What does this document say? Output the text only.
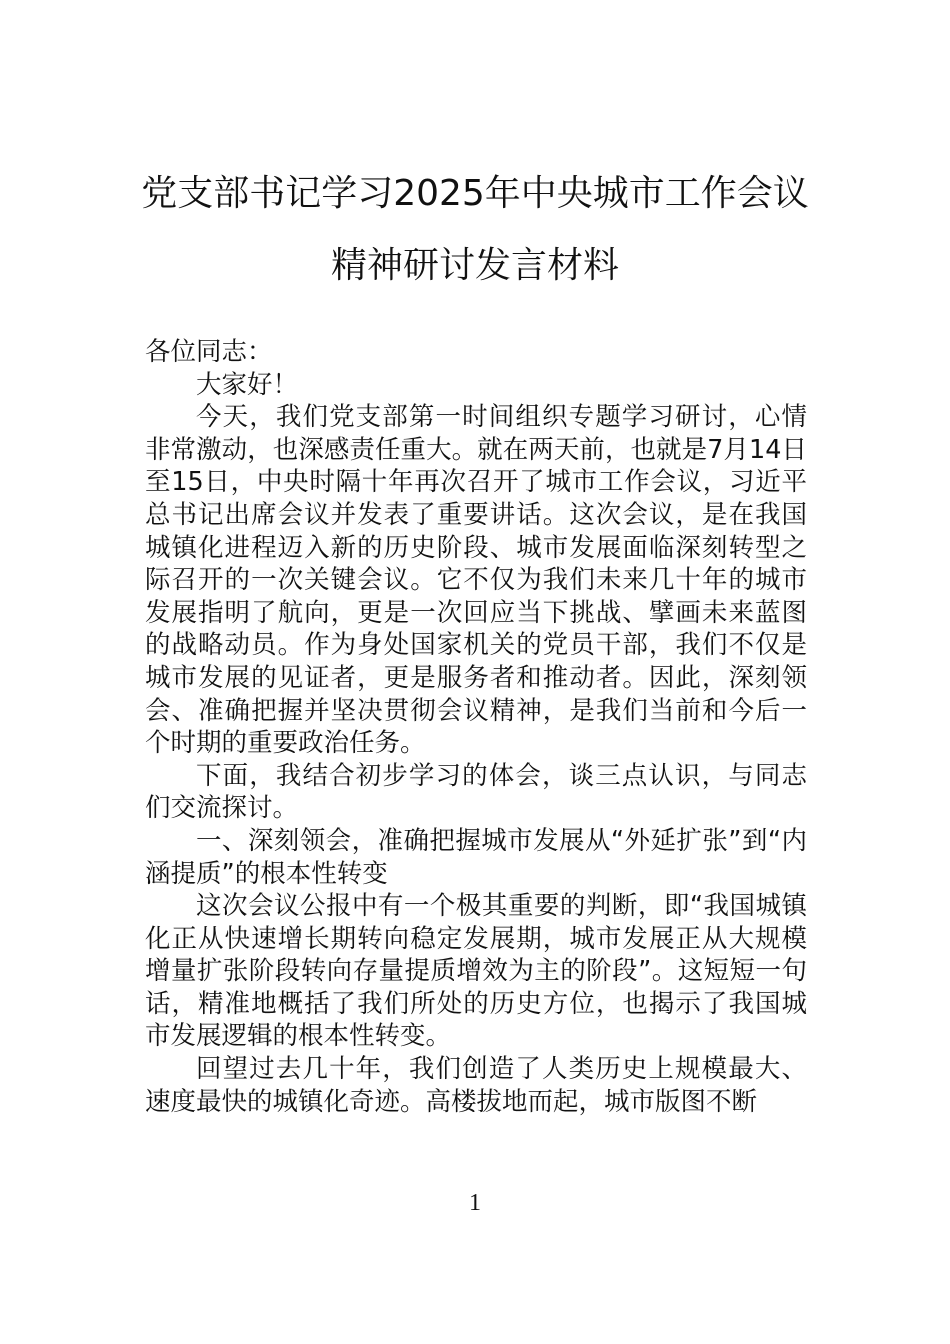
党支部书记学习2025年中央城市工作会议
精神研讨发言材料

各位同志：

大家好！

今天，我们党支部第一时间组织专题学习研讨，心情非常激动，也深感责任重大。就在两天前，也就是7月14日至15日，中央时隔十年再次召开了城市工作会议，习近平总书记出席会议并发表了重要讲话。这次会议，是在我国城镇化进程迈入新的历史阶段、城市发展面临深刻转型之际召开的一次关键会议。它不仅为我们未来几十年的城市发展指明了航向，更是一次回应当下挑战、擘画未来蓝图的战略动员。作为身处国家机关的党员干部，我们不仅是城市发展的见证者，更是服务者和推动者。因此，深刻领会、准确把握并坚决贯彻会议精神，是我们当前和今后一个时期的重要政治任务。

下面，我结合初步学习的体会，谈三点认识，与同志们交流探讨。

一、深刻领会，准确把握城市发展从“外延扩张”到“内涵提质”的根本性转变

这次会议公报中有一个极其重要的判断，即“我国城镇化正从快速增长期转向稳定发展期，城市发展正从大规模增量扩张阶段转向存量提质增效为主的阶段”。这短短一句话，精准地概括了我们所处的历史方位，也揭示了我国城市发展逻辑的根本性转变。

回望过去几十年，我们创造了人类历史上规模最大、速度最快的城镇化奇迹。高楼拔地而起，城市版图不断

1
